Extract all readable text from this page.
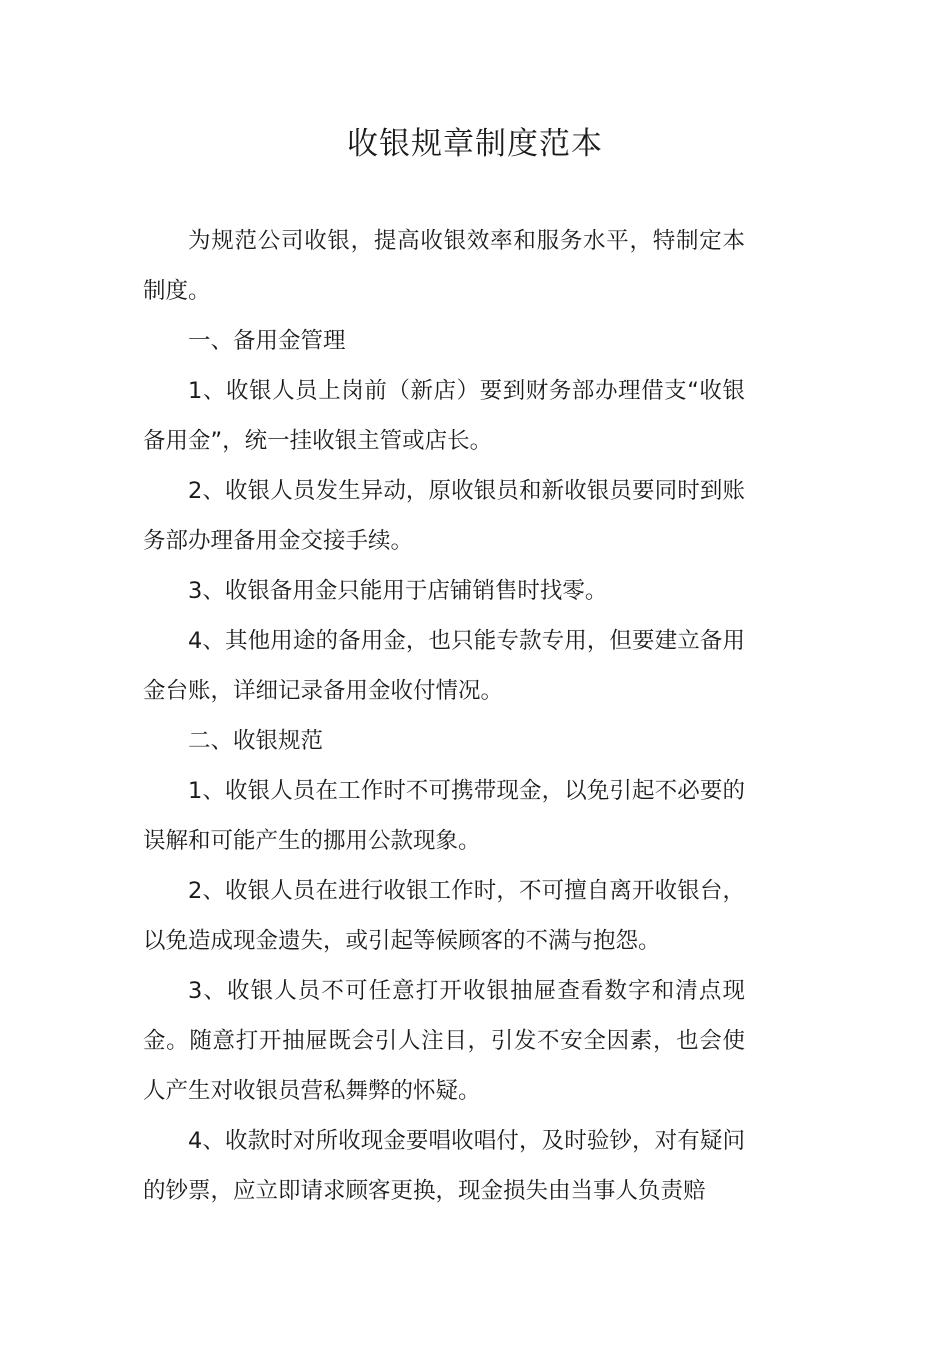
收银规章制度范本

为规范公司收银，提高收银效率和服务水平，特制定本制度。

一、备用金管理

1、收银人员上岗前（新店）要到财务部办理借支“收银备用金”，统一挂收银主管或店长。

2、收银人员发生异动，原收银员和新收银员要同时到账务部办理备用金交接手续。

3、收银备用金只能用于店铺销售时找零。

4、其他用途的备用金，也只能专款专用，但要建立备用金台账，详细记录备用金收付情况。

二、收银规范

1、收银人员在工作时不可携带现金，以免引起不必要的误解和可能产生的挪用公款现象。

2、收银人员在进行收银工作时，不可擅自离开收银台，以免造成现金遗失，或引起等候顾客的不满与抱怨。

3、收银人员不可任意打开收银抽屉查看数字和清点现金。随意打开抽屉既会引人注目，引发不安全因素，也会使人产生对收银员营私舞弊的怀疑。

4、收款时对所收现金要唱收唱付，及时验钞，对有疑问的钞票，应立即请求顾客更换，现金损失由当事人负责赔
